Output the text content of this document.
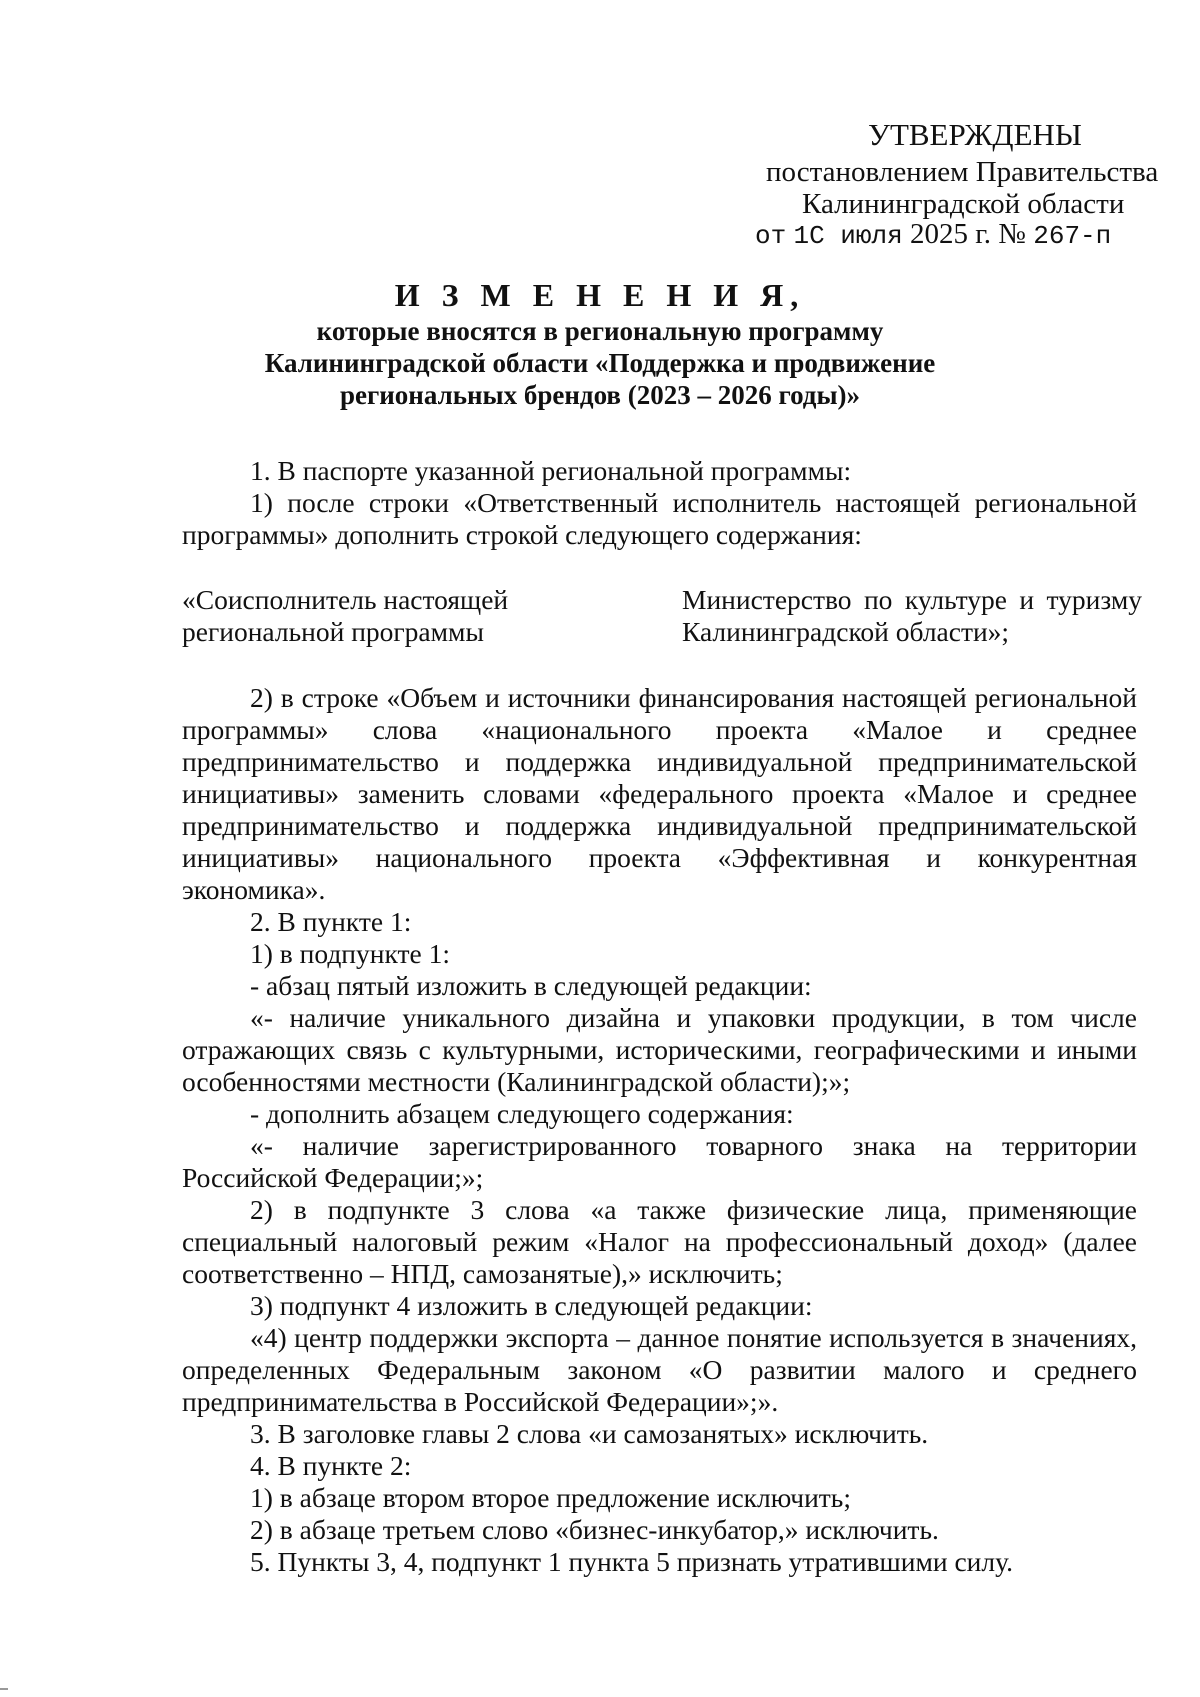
УТВЕРЖДЕНЫ
постановлением Правительства
Калининградской области
от 1С июля 2025 г. № 267-п
И З М Е Н Е Н И Я,
которые вносятся в региональную программу
Калининградской области «Поддержка и продвижение
региональных брендов (2023 – 2026 годы)»

1. В паспорте указанной региональной программы:

1) после строки «Ответственный исполнитель настоящей региональной программы» дополнить строкой следующего содержания:

«Соисполнитель настоящей
региональной программы
Министерство по культуре и туризму
Калининградской области»;

2) в строке «Объем и источники финансирования настоящей региональной программы» слова «национального проекта «Малое и среднее предпринимательство и поддержка индивидуальной предпринимательской инициативы» заменить словами «федерального проекта «Малое и среднее предпринимательство и поддержка индивидуальной предпринимательской инициативы» национального проекта «Эффективная и конкурентная экономика».

2. В пункте 1:

1) в подпункте 1:

- абзац пятый изложить в следующей редакции:

«- наличие уникального дизайна и упаковки продукции, в том числе отражающих связь с культурными, историческими, географическими и иными особенностями местности (Калининградской области);»;

- дополнить абзацем следующего содержания:

«- наличие зарегистрированного товарного знака на территории Российской Федерации;»;

2) в подпункте 3 слова «а также физические лица, применяющие специальный налоговый режим «Налог на профессиональный доход» (далее соответственно – НПД, самозанятые),» исключить;

3) подпункт 4 изложить в следующей редакции:

«4) центр поддержки экспорта – данное понятие используется в значениях, определенных Федеральным законом «О развитии малого и среднего предпринимательства в Российской Федерации»;».

3. В заголовке главы 2 слова «и самозанятых» исключить.

4. В пункте 2:

1) в абзаце втором второе предложение исключить;

2) в абзаце третьем слово «бизнес-инкубатор,» исключить.

5. Пункты 3, 4, подпункт 1 пункта 5 признать утратившими силу.
